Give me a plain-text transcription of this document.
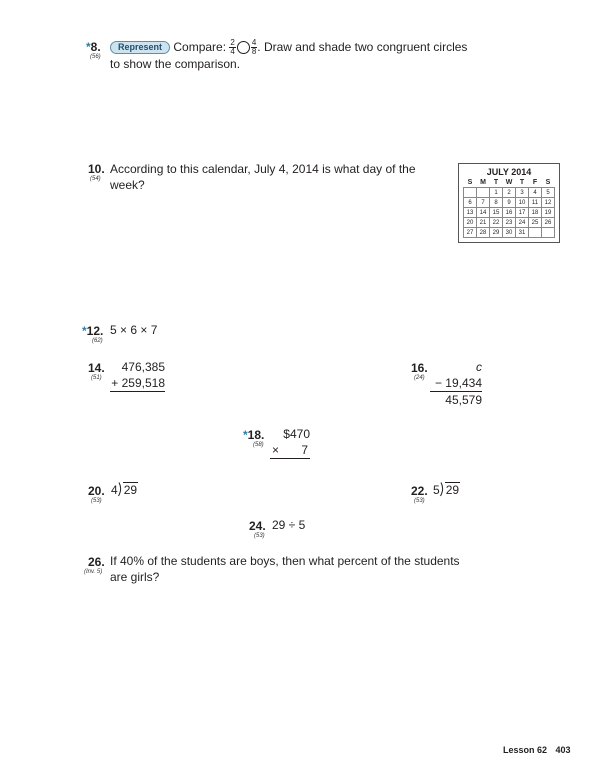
*8.
(56)
Represent Compare: $\frac{2}{4} \frac{4}{8}$ . Draw and shade two congruent circles
to show the comparison.
10.
(54)
According to this calendar, July 4, 2014 is what day of the
week?
JULY 2014
S	M	T	W	T	F	S
		1	2	3	4	5
6	7	8	9	10	11	12
13	14	15	16	17	18	19
20	21	22	23	24	25	26
27	28	29	30	31		
*12.
(62)
5 × 6 × 7
14.
(51)
476,385
+ 259,518
16.
(24)
c
− 19,434
45,579
*18.
(58)
$470
× 7
20.
(53)
4 29	22.
(53)
5 29
24.
(53)
29 ÷ 5
26.
(Inv. 5)
If 40% of the students are boys, then what percent of the students
are girls?
Lesson 62 403
